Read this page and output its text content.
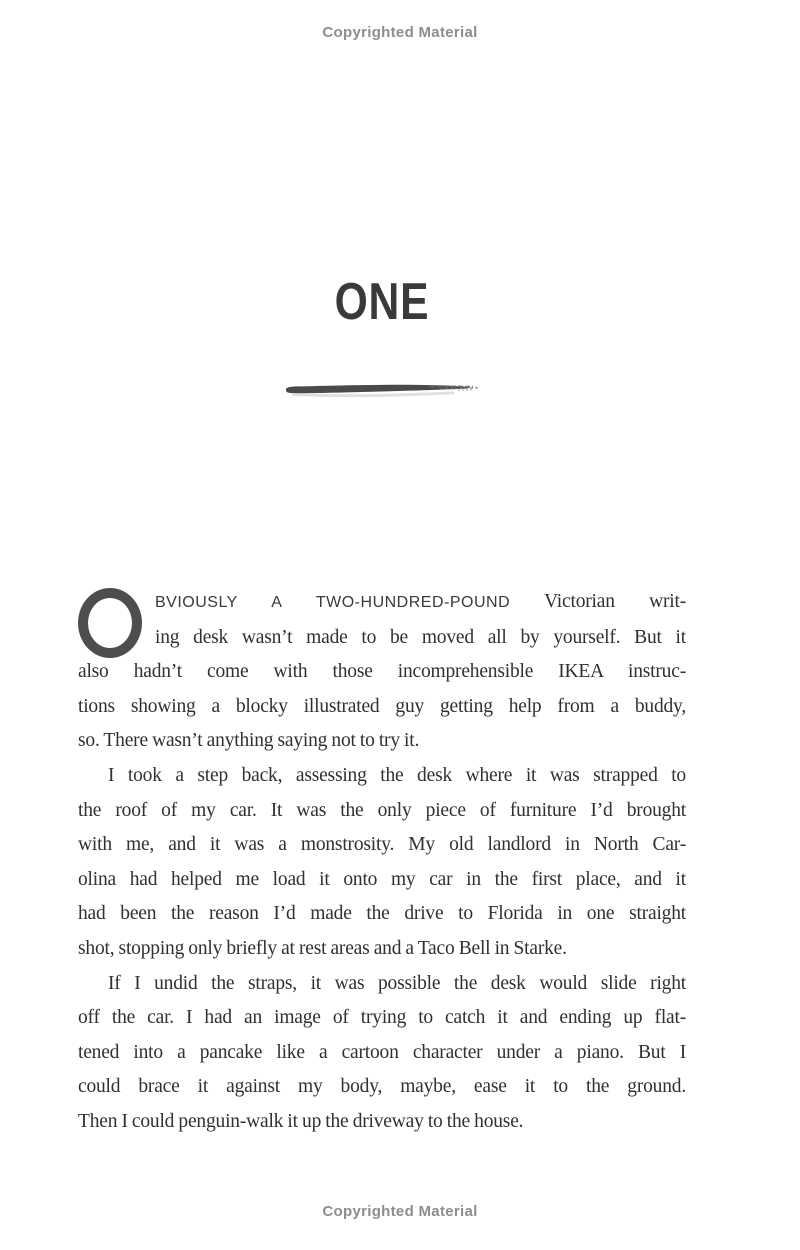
Copyrighted Material
ONE
BVIOUSLY A TWO-HUNDRED-POUND Victorian writ-
ing desk wasn’t made to be moved all by yourself. But it
also hadn’t come with those incomprehensible IKEA instruc-
tions showing a blocky illustrated guy getting help from a buddy,
so. There wasn’t anything saying not to try it.
I took a step back, assessing the desk where it was strapped to
the roof of my car. It was the only piece of furniture I’d brought
with me, and it was a monstrosity. My old landlord in North Car-
olina had helped me load it onto my car in the first place, and it
had been the reason I’d made the drive to Florida in one straight
shot, stopping only briefly at rest areas and a Taco Bell in Starke.
If I undid the straps, it was possible the desk would slide right
off the car. I had an image of trying to catch it and ending up flat-
tened into a pancake like a cartoon character under a piano. But I
could brace it against my body, maybe, ease it to the ground.
Then I could penguin-walk it up the driveway to the house.
Copyrighted Material
